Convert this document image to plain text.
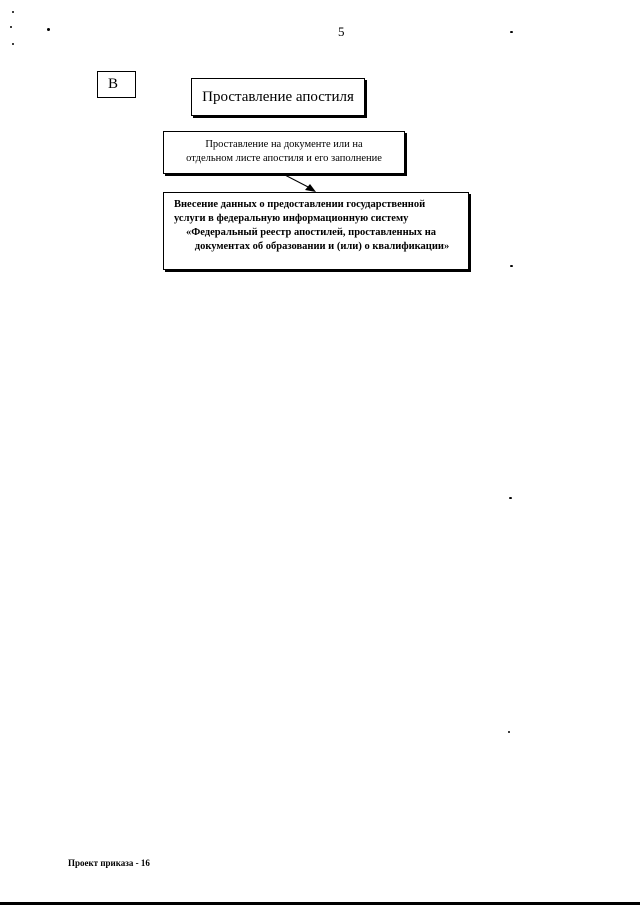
5
В
Проставление апостиля
Проставление на документе или на
отдельном листе апостиля и его заполнение
Внесение данных о предоставлении государственной
услуги в федеральную информационную систему
«Федеральный реестр апостилей, проставленных на
документах об образовании и (или) о квалификации»
Проект приказа - 16
